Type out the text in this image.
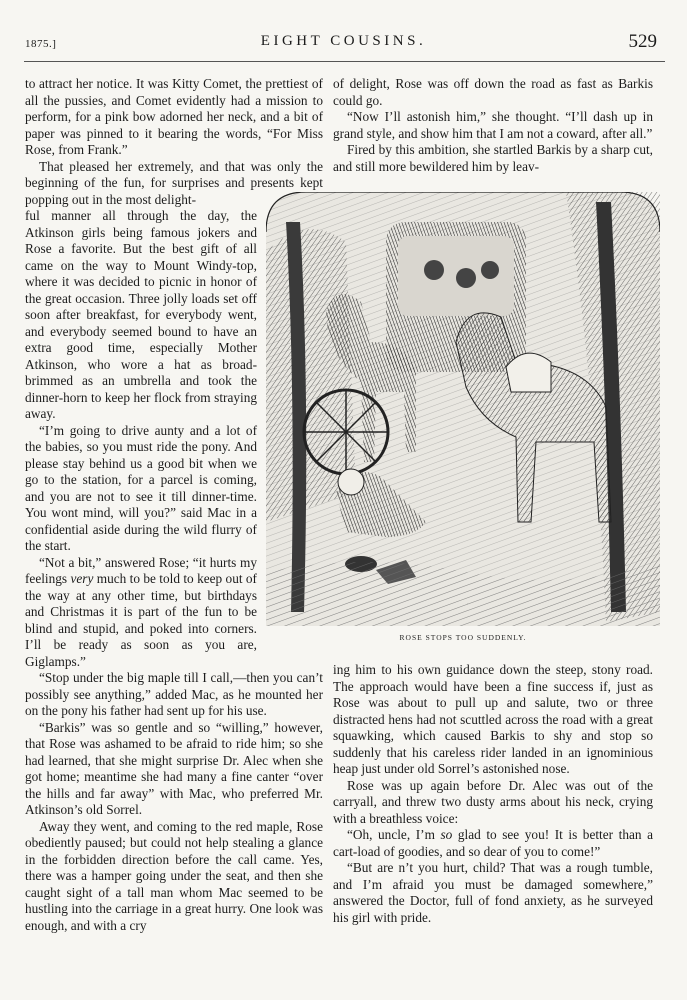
1875.]	EIGHT COUSINS.	529

to attract her notice. It was Kitty Comet, the prettiest of all the pussies, and Comet evidently had a mission to perform, for a pink bow adorned her neck, and a bit of paper was pinned to it bearing the words, “For Miss Rose, from Frank.”

That pleased her extremely, and that was only the beginning of the fun, for surprises and presents kept popping out in the most delight-

ful manner all through the day, the Atkinson girls being famous jokers and Rose a favorite. But the best gift of all came on the way to Mount Windy-top, where it was decided to picnic in honor of the great occasion. Three jolly loads set off soon after breakfast, for everybody went, and everybody seemed bound to have an extra good time, especially Mother Atkinson, who wore a hat as broad-brimmed as an umbrella and took the dinner-horn to keep her flock from straying away.

“I’m going to drive aunty and a lot of the babies, so you must ride the pony. And please stay behind us a good bit when we go to the station, for a parcel is coming, and you are not to see it till dinner-time. You wont mind, will you?” said Mac in a confidential aside during the wild flurry of the start.

“Not a bit,” answered Rose; “it hurts my feelings very much to be told to keep out of the way at any other time, but birthdays and Christmas it is part of the fun to be blind and stupid, and poked into corners. I’ll be ready as soon as you are, Giglamps.”

“Stop under the big maple till I call,—then you can’t possibly see anything,” added Mac, as he mounted her on the pony his father had sent up for his use.

“Barkis” was so gentle and so “willing,” however, that Rose was ashamed to be afraid to ride him; so she had learned, that she might surprise Dr. Alec when she got home; meantime she had many a fine canter “over the hills and far away” with Mac, who preferred Mr. Atkinson’s old Sorrel.

Away they went, and coming to the red maple, Rose obediently paused; but could not help stealing a glance in the forbidden direction before the call came. Yes, there was a hamper going under the seat, and then she caught sight of a tall man whom Mac seemed to be hustling into the carriage in a great hurry. One look was enough, and with a cry

of delight, Rose was off down the road as fast as Barkis could go.

“Now I’ll astonish him,” she thought. “I’ll dash up in grand style, and show him that I am not a coward, after all.”

Fired by this ambition, she startled Barkis by a sharp cut, and still more bewildered him by leav-

ROSE STOPS TOO SUDDENLY.

ing him to his own guidance down the steep, stony road. The approach would have been a fine success if, just as Rose was about to pull up and salute, two or three distracted hens had not scuttled across the road with a great squawking, which caused Barkis to shy and stop so suddenly that his careless rider landed in an ignominious heap just under old Sorrel’s astonished nose.

Rose was up again before Dr. Alec was out of the carryall, and threw two dusty arms about his neck, crying with a breathless voice:

“Oh, uncle, I’m so glad to see you! It is better than a cart-load of goodies, and so dear of you to come!”

“But are n’t you hurt, child? That was a rough tumble, and I’m afraid you must be damaged somewhere,” answered the Doctor, full of fond anxiety, as he surveyed his girl with pride.
